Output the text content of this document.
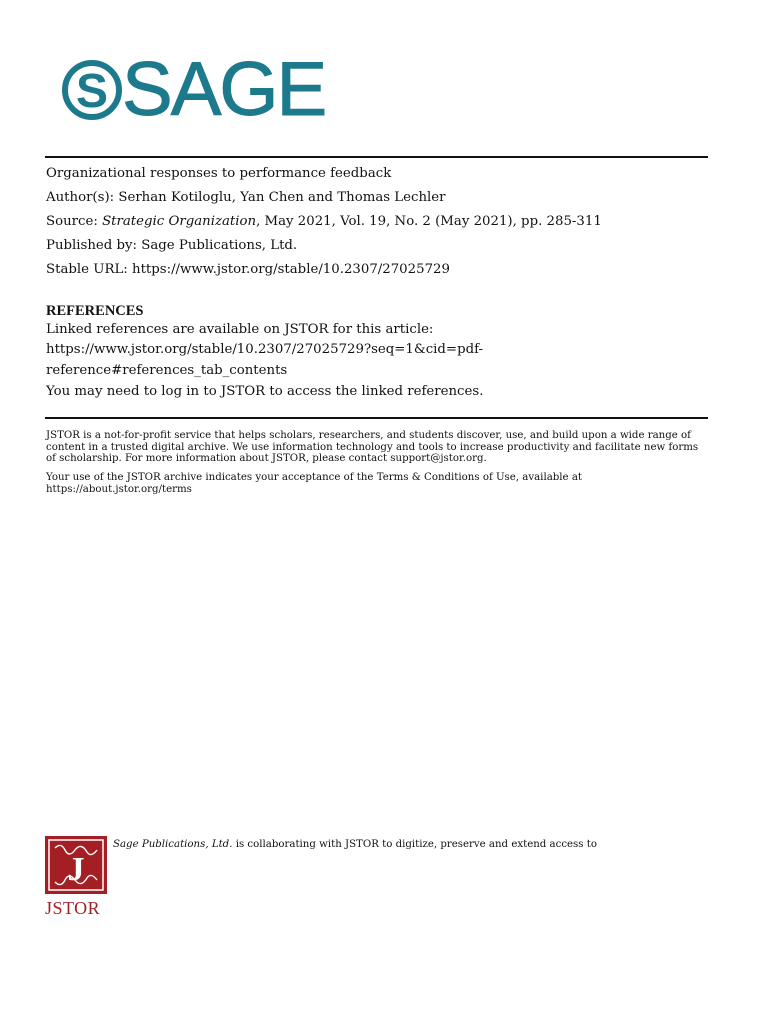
S SAGE
Organizational responses to performance feedback
Author(s): Serhan Kotiloglu, Yan Chen and Thomas Lechler
Source: Strategic Organization, May 2021, Vol. 19, No. 2 (May 2021), pp. 285-311
Published by: Sage Publications, Ltd.
Stable URL: https://www.jstor.org/stable/10.2307/27025729
REFERENCES
Linked references are available on JSTOR for this article:
https://www.jstor.org/stable/10.2307/27025729?seq=1&cid=pdf-
reference#references_tab_contents
You may need to log in to JSTOR to access the linked references.
JSTOR is a not-for-profit service that helps scholars, researchers, and students discover, use, and build upon a wide range of content in a trusted digital archive. We use information technology and tools to increase productivity and facilitate new forms of scholarship. For more information about JSTOR, please contact support@jstor.org.
Your use of the JSTOR archive indicates your acceptance of the Terms & Conditions of Use, available at https://about.jstor.org/terms
J
JSTOR
Sage Publications, Ltd. is collaborating with JSTOR to digitize, preserve and extend access to
